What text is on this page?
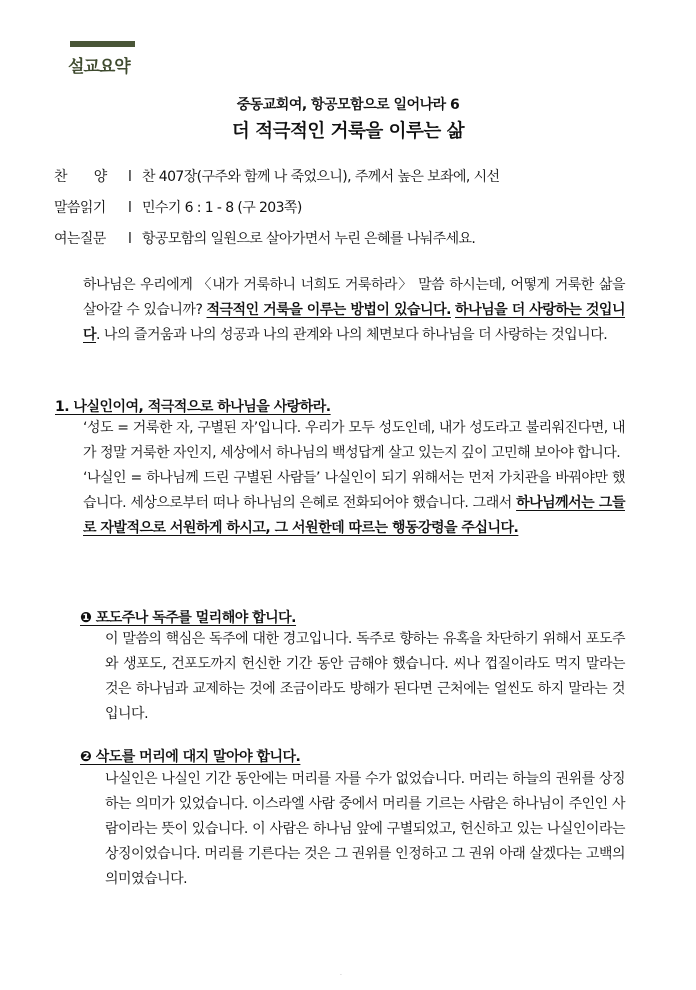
설교요약
중동교회여, 항공모함으로 일어나라 6
더 적극적인 거룩을 이루는 삶
찬　　양 l 찬 407장(구주와 함께 나 죽었으니), 주께서 높은 보좌에, 시선
말씀읽기 l 민수기 6 : 1 - 8 (구 203쪽)
여는질문 l 항공모함의 일원으로 살아가면서 누린 은혜를 나눠주세요.
하나님은 우리에게 〈내가 거룩하니 너희도 거룩하라〉 말씀 하시는데, 어떻게 거룩한 삶을 살아갈 수 있습니까? 적극적인 거룩을 이루는 방법이 있습니다. 하나님을 더 사랑하는 것입니다. 나의 즐거움과 나의 성공과 나의 관계와 나의 체면보다 하나님을 더 사랑하는 것입니다.
1. 나실인이여, 적극적으로 하나님을 사랑하라.
‘성도 = 거룩한 자, 구별된 자’입니다. 우리가 모두 성도인데, 내가 성도라고 불리워진다면, 내가 정말 거룩한 자인지, 세상에서 하나님의 백성답게 살고 있는지 깊이 고민해 보아야 합니다.
‘나실인 = 하나님께 드린 구별된 사람들’ 나실인이 되기 위해서는 먼저 가치관을 바꿔야만 했습니다. 세상으로부터 떠나 하나님의 은혜로 전화되어야 했습니다. 그래서 하나님께서는 그들로 자발적으로 서원하게 하시고, 그 서원한데 따르는 행동강령을 주십니다.
❶ 포도주나 독주를 멀리해야 합니다.
이 말씀의 핵심은 독주에 대한 경고입니다. 독주로 향하는 유혹을 차단하기 위해서 포도주와 생포도, 건포도까지 헌신한 기간 동안 금해야 했습니다. 씨나 껍질이라도 먹지 말라는 것은 하나님과 교제하는 것에 조금이라도 방해가 된다면 근처에는 얼씬도 하지 말라는 것입니다.
❷ 삭도를 머리에 대지 말아야 합니다.
나실인은 나실인 기간 동안에는 머리를 자를 수가 없었습니다. 머리는 하늘의 권위를 상징하는 의미가 있었습니다. 이스라엘 사람 중에서 머리를 기르는 사람은 하나님이 주인인 사람이라는 뜻이 있습니다. 이 사람은 하나님 앞에 구별되었고, 헌신하고 있는 나실인이라는 상징이었습니다. 머리를 기른다는 것은 그 권위를 인정하고 그 권위 아래 살겠다는 고백의 의미였습니다.
·
